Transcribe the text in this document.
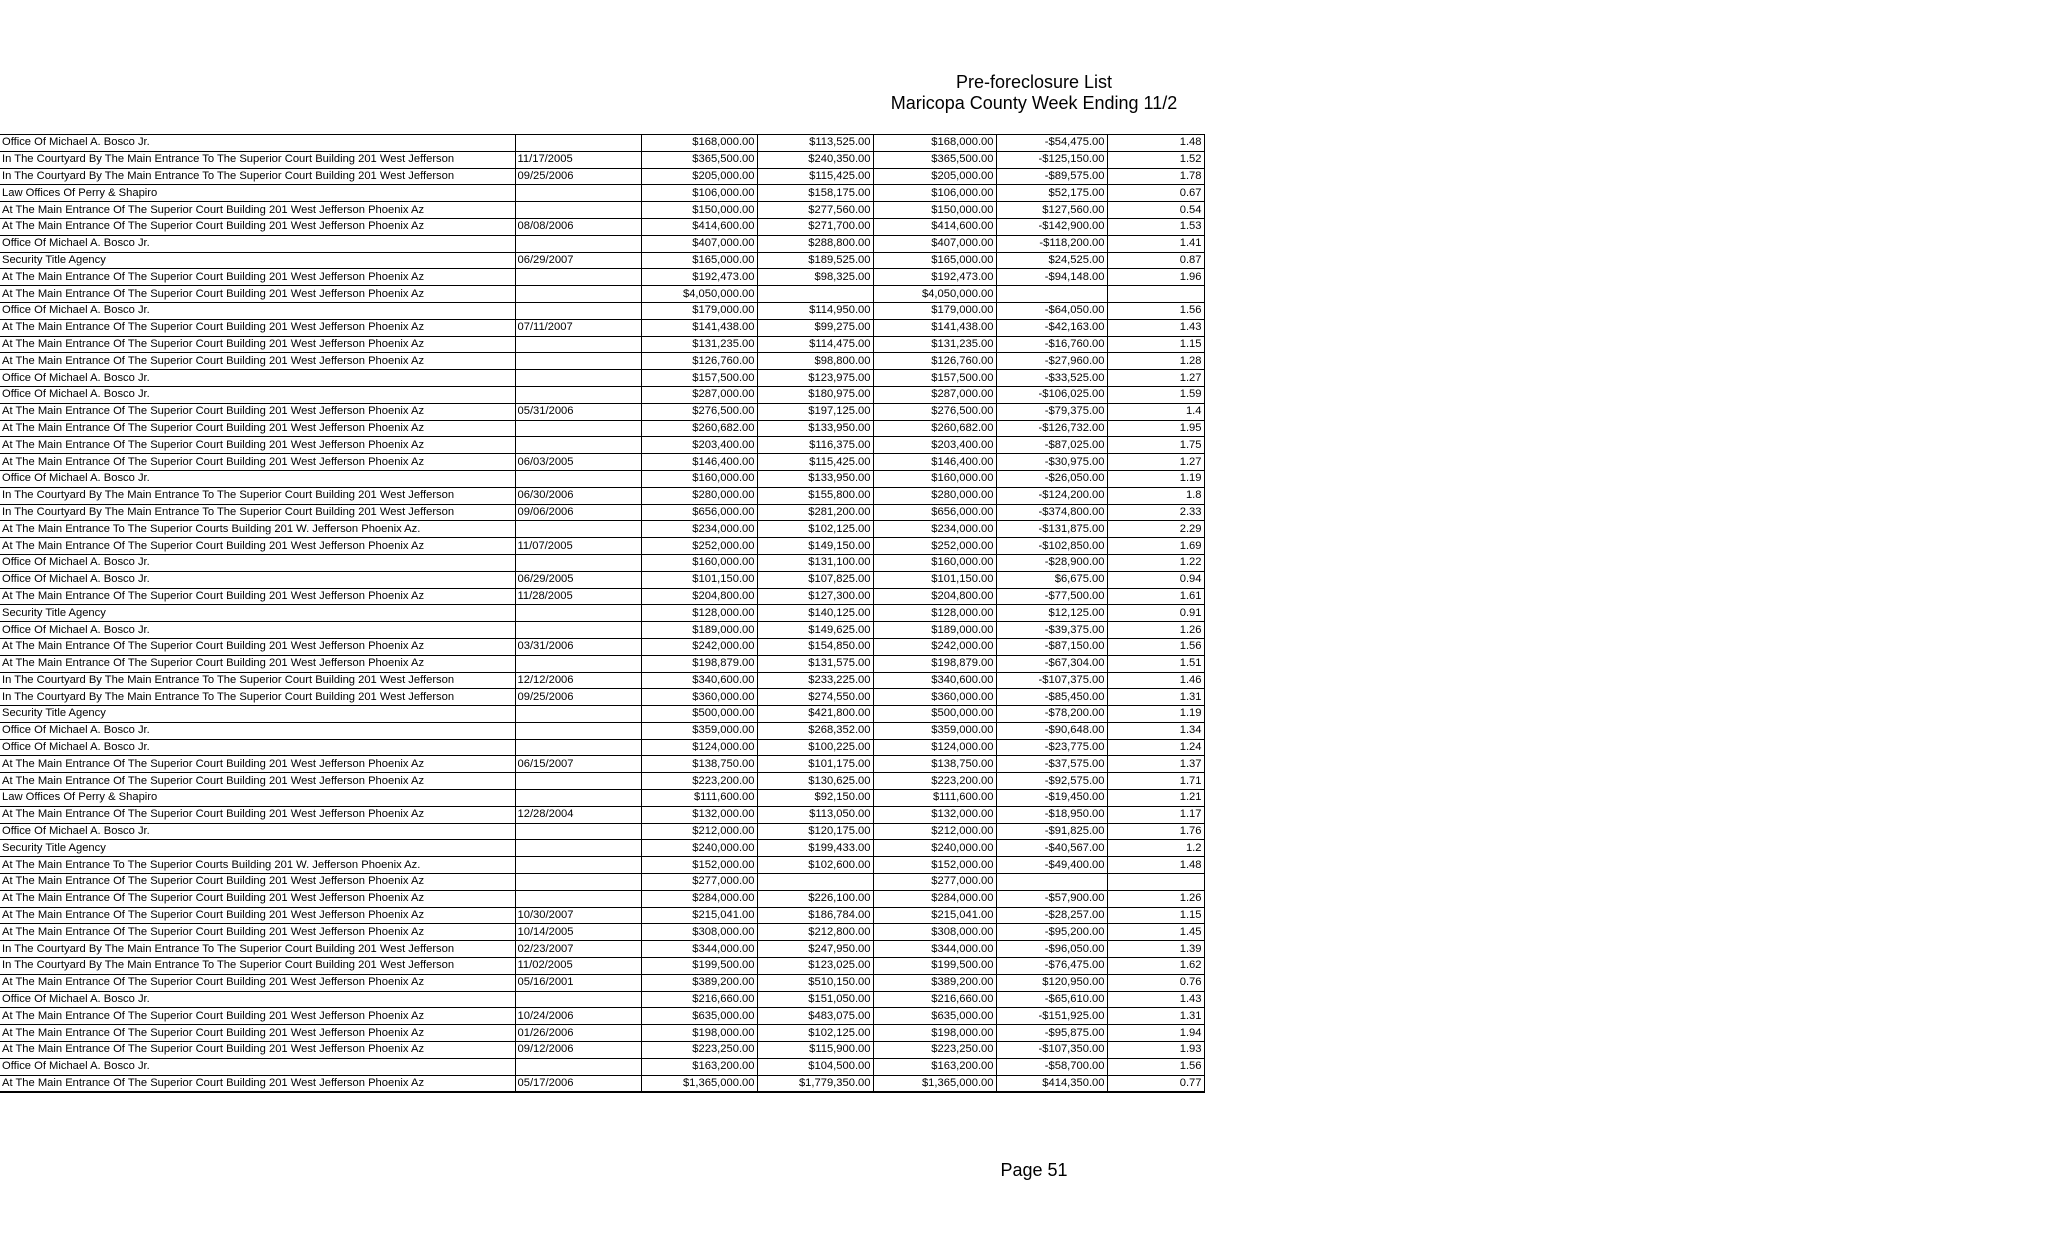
Pre-foreclosure List
Maricopa County Week Ending 11/2
Office Of Michael A. Bosco Jr.		$168,000.00	$113,525.00	$168,000.00	-$54,475.00	1.48
In The Courtyard By The Main Entrance To The Superior Court Building 201 West Jefferson	11/17/2005	$365,500.00	$240,350.00	$365,500.00	-$125,150.00	1.52
In The Courtyard By The Main Entrance To The Superior Court Building 201 West Jefferson	09/25/2006	$205,000.00	$115,425.00	$205,000.00	-$89,575.00	1.78
Law Offices Of Perry & Shapiro		$106,000.00	$158,175.00	$106,000.00	$52,175.00	0.67
At The Main Entrance Of The Superior Court Building 201 West Jefferson Phoenix Az		$150,000.00	$277,560.00	$150,000.00	$127,560.00	0.54
At The Main Entrance Of The Superior Court Building 201 West Jefferson Phoenix Az	08/08/2006	$414,600.00	$271,700.00	$414,600.00	-$142,900.00	1.53
Office Of Michael A. Bosco Jr.		$407,000.00	$288,800.00	$407,000.00	-$118,200.00	1.41
Security Title Agency	06/29/2007	$165,000.00	$189,525.00	$165,000.00	$24,525.00	0.87
At The Main Entrance Of The Superior Court Building 201 West Jefferson Phoenix Az		$192,473.00	$98,325.00	$192,473.00	-$94,148.00	1.96
At The Main Entrance Of The Superior Court Building 201 West Jefferson Phoenix Az		$4,050,000.00		$4,050,000.00		
Office Of Michael A. Bosco Jr.		$179,000.00	$114,950.00	$179,000.00	-$64,050.00	1.56
At The Main Entrance Of The Superior Court Building 201 West Jefferson Phoenix Az	07/11/2007	$141,438.00	$99,275.00	$141,438.00	-$42,163.00	1.43
At The Main Entrance Of The Superior Court Building 201 West Jefferson Phoenix Az		$131,235.00	$114,475.00	$131,235.00	-$16,760.00	1.15
At The Main Entrance Of The Superior Court Building 201 West Jefferson Phoenix Az		$126,760.00	$98,800.00	$126,760.00	-$27,960.00	1.28
Office Of Michael A. Bosco Jr.		$157,500.00	$123,975.00	$157,500.00	-$33,525.00	1.27
Office Of Michael A. Bosco Jr.		$287,000.00	$180,975.00	$287,000.00	-$106,025.00	1.59
At The Main Entrance Of The Superior Court Building 201 West Jefferson Phoenix Az	05/31/2006	$276,500.00	$197,125.00	$276,500.00	-$79,375.00	1.4
At The Main Entrance Of The Superior Court Building 201 West Jefferson Phoenix Az		$260,682.00	$133,950.00	$260,682.00	-$126,732.00	1.95
At The Main Entrance Of The Superior Court Building 201 West Jefferson Phoenix Az		$203,400.00	$116,375.00	$203,400.00	-$87,025.00	1.75
At The Main Entrance Of The Superior Court Building 201 West Jefferson Phoenix Az	06/03/2005	$146,400.00	$115,425.00	$146,400.00	-$30,975.00	1.27
Office Of Michael A. Bosco Jr.		$160,000.00	$133,950.00	$160,000.00	-$26,050.00	1.19
In The Courtyard By The Main Entrance To The Superior Court Building 201 West Jefferson	06/30/2006	$280,000.00	$155,800.00	$280,000.00	-$124,200.00	1.8
In The Courtyard By The Main Entrance To The Superior Court Building 201 West Jefferson	09/06/2006	$656,000.00	$281,200.00	$656,000.00	-$374,800.00	2.33
At The Main Entrance To The Superior Courts Building 201 W. Jefferson Phoenix Az.		$234,000.00	$102,125.00	$234,000.00	-$131,875.00	2.29
At The Main Entrance Of The Superior Court Building 201 West Jefferson Phoenix Az	11/07/2005	$252,000.00	$149,150.00	$252,000.00	-$102,850.00	1.69
Office Of Michael A. Bosco Jr.		$160,000.00	$131,100.00	$160,000.00	-$28,900.00	1.22
Office Of Michael A. Bosco Jr.	06/29/2005	$101,150.00	$107,825.00	$101,150.00	$6,675.00	0.94
At The Main Entrance Of The Superior Court Building 201 West Jefferson Phoenix Az	11/28/2005	$204,800.00	$127,300.00	$204,800.00	-$77,500.00	1.61
Security Title Agency		$128,000.00	$140,125.00	$128,000.00	$12,125.00	0.91
Office Of Michael A. Bosco Jr.		$189,000.00	$149,625.00	$189,000.00	-$39,375.00	1.26
At The Main Entrance Of The Superior Court Building 201 West Jefferson Phoenix Az	03/31/2006	$242,000.00	$154,850.00	$242,000.00	-$87,150.00	1.56
At The Main Entrance Of The Superior Court Building 201 West Jefferson Phoenix Az		$198,879.00	$131,575.00	$198,879.00	-$67,304.00	1.51
In The Courtyard By The Main Entrance To The Superior Court Building 201 West Jefferson	12/12/2006	$340,600.00	$233,225.00	$340,600.00	-$107,375.00	1.46
In The Courtyard By The Main Entrance To The Superior Court Building 201 West Jefferson	09/25/2006	$360,000.00	$274,550.00	$360,000.00	-$85,450.00	1.31
Security Title Agency		$500,000.00	$421,800.00	$500,000.00	-$78,200.00	1.19
Office Of Michael A. Bosco Jr.		$359,000.00	$268,352.00	$359,000.00	-$90,648.00	1.34
Office Of Michael A. Bosco Jr.		$124,000.00	$100,225.00	$124,000.00	-$23,775.00	1.24
At The Main Entrance Of The Superior Court Building 201 West Jefferson Phoenix Az	06/15/2007	$138,750.00	$101,175.00	$138,750.00	-$37,575.00	1.37
At The Main Entrance Of The Superior Court Building 201 West Jefferson Phoenix Az		$223,200.00	$130,625.00	$223,200.00	-$92,575.00	1.71
Law Offices Of Perry & Shapiro		$111,600.00	$92,150.00	$111,600.00	-$19,450.00	1.21
At The Main Entrance Of The Superior Court Building 201 West Jefferson Phoenix Az	12/28/2004	$132,000.00	$113,050.00	$132,000.00	-$18,950.00	1.17
Office Of Michael A. Bosco Jr.		$212,000.00	$120,175.00	$212,000.00	-$91,825.00	1.76
Security Title Agency		$240,000.00	$199,433.00	$240,000.00	-$40,567.00	1.2
At The Main Entrance To The Superior Courts Building 201 W. Jefferson Phoenix Az.		$152,000.00	$102,600.00	$152,000.00	-$49,400.00	1.48
At The Main Entrance Of The Superior Court Building 201 West Jefferson Phoenix Az		$277,000.00		$277,000.00		
At The Main Entrance Of The Superior Court Building 201 West Jefferson Phoenix Az		$284,000.00	$226,100.00	$284,000.00	-$57,900.00	1.26
At The Main Entrance Of The Superior Court Building 201 West Jefferson Phoenix Az	10/30/2007	$215,041.00	$186,784.00	$215,041.00	-$28,257.00	1.15
At The Main Entrance Of The Superior Court Building 201 West Jefferson Phoenix Az	10/14/2005	$308,000.00	$212,800.00	$308,000.00	-$95,200.00	1.45
In The Courtyard By The Main Entrance To The Superior Court Building 201 West Jefferson	02/23/2007	$344,000.00	$247,950.00	$344,000.00	-$96,050.00	1.39
In The Courtyard By The Main Entrance To The Superior Court Building 201 West Jefferson	11/02/2005	$199,500.00	$123,025.00	$199,500.00	-$76,475.00	1.62
At The Main Entrance Of The Superior Court Building 201 West Jefferson Phoenix Az	05/16/2001	$389,200.00	$510,150.00	$389,200.00	$120,950.00	0.76
Office Of Michael A. Bosco Jr.		$216,660.00	$151,050.00	$216,660.00	-$65,610.00	1.43
At The Main Entrance Of The Superior Court Building 201 West Jefferson Phoenix Az	10/24/2006	$635,000.00	$483,075.00	$635,000.00	-$151,925.00	1.31
At The Main Entrance Of The Superior Court Building 201 West Jefferson Phoenix Az	01/26/2006	$198,000.00	$102,125.00	$198,000.00	-$95,875.00	1.94
At The Main Entrance Of The Superior Court Building 201 West Jefferson Phoenix Az	09/12/2006	$223,250.00	$115,900.00	$223,250.00	-$107,350.00	1.93
Office Of Michael A. Bosco Jr.		$163,200.00	$104,500.00	$163,200.00	-$58,700.00	1.56
At The Main Entrance Of The Superior Court Building 201 West Jefferson Phoenix Az	05/17/2006	$1,365,000.00	$1,779,350.00	$1,365,000.00	$414,350.00	0.77
Page 51
